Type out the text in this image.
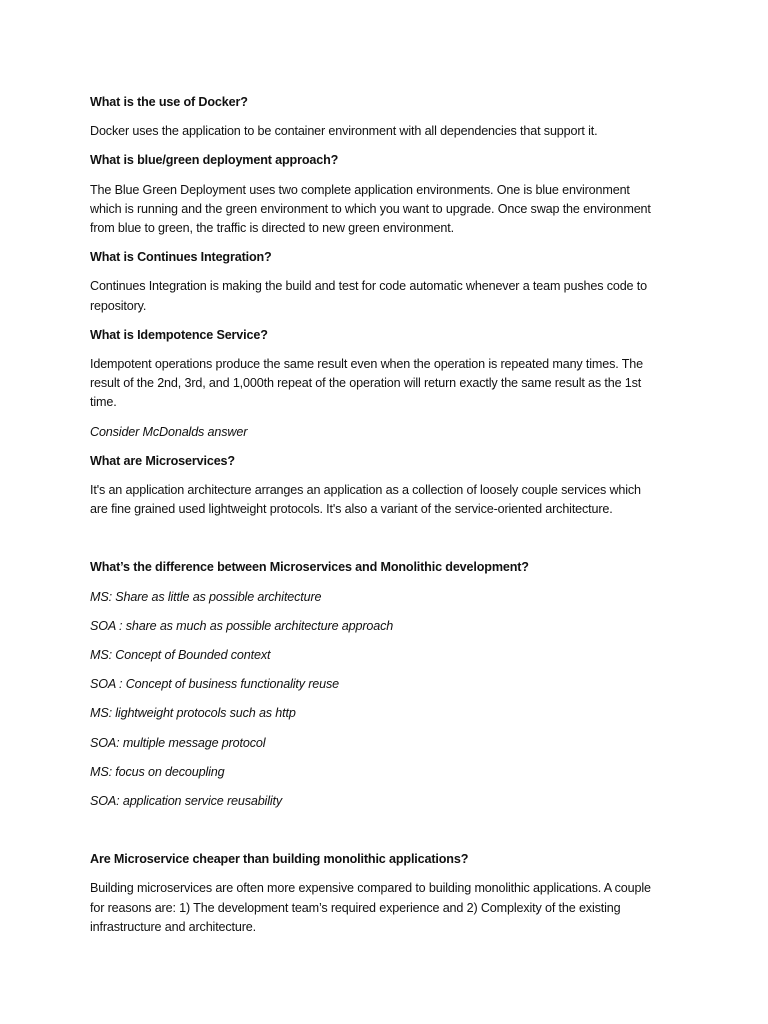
What is the use of Docker?

Docker uses the application to be container environment with all dependencies that support it.

What is blue/green deployment approach?

The Blue Green Deployment uses two complete application environments. One is blue environment
which is running and the green environment to which you want to upgrade. Once swap the environment
from blue to green, the traffic is directed to new green environment.

What is Continues Integration?

Continues Integration is making the build and test for code automatic whenever a team pushes code to
repository.

What is Idempotence Service?

Idempotent operations produce the same result even when the operation is repeated many times. The
result of the 2nd, 3rd, and 1,000th repeat of the operation will return exactly the same result as the 1st
time.

Consider McDonalds answer

What are Microservices?

It's an application architecture arranges an application as a collection of loosely couple services which
are fine grained used lightweight protocols. It's also a variant of the service-oriented architecture.

What’s the difference between Microservices and Monolithic development?

MS: Share as little as possible architecture

SOA : share as much as possible architecture approach

MS: Concept of Bounded context

SOA : Concept of business functionality reuse

MS: lightweight protocols such as http

SOA: multiple message protocol

MS: focus on decoupling

SOA: application service reusability

Are Microservice cheaper than building monolithic applications?

Building microservices are often more expensive compared to building monolithic applications. A couple
for reasons are: 1) The development team’s required experience and 2) Complexity of the existing
infrastructure and architecture.
